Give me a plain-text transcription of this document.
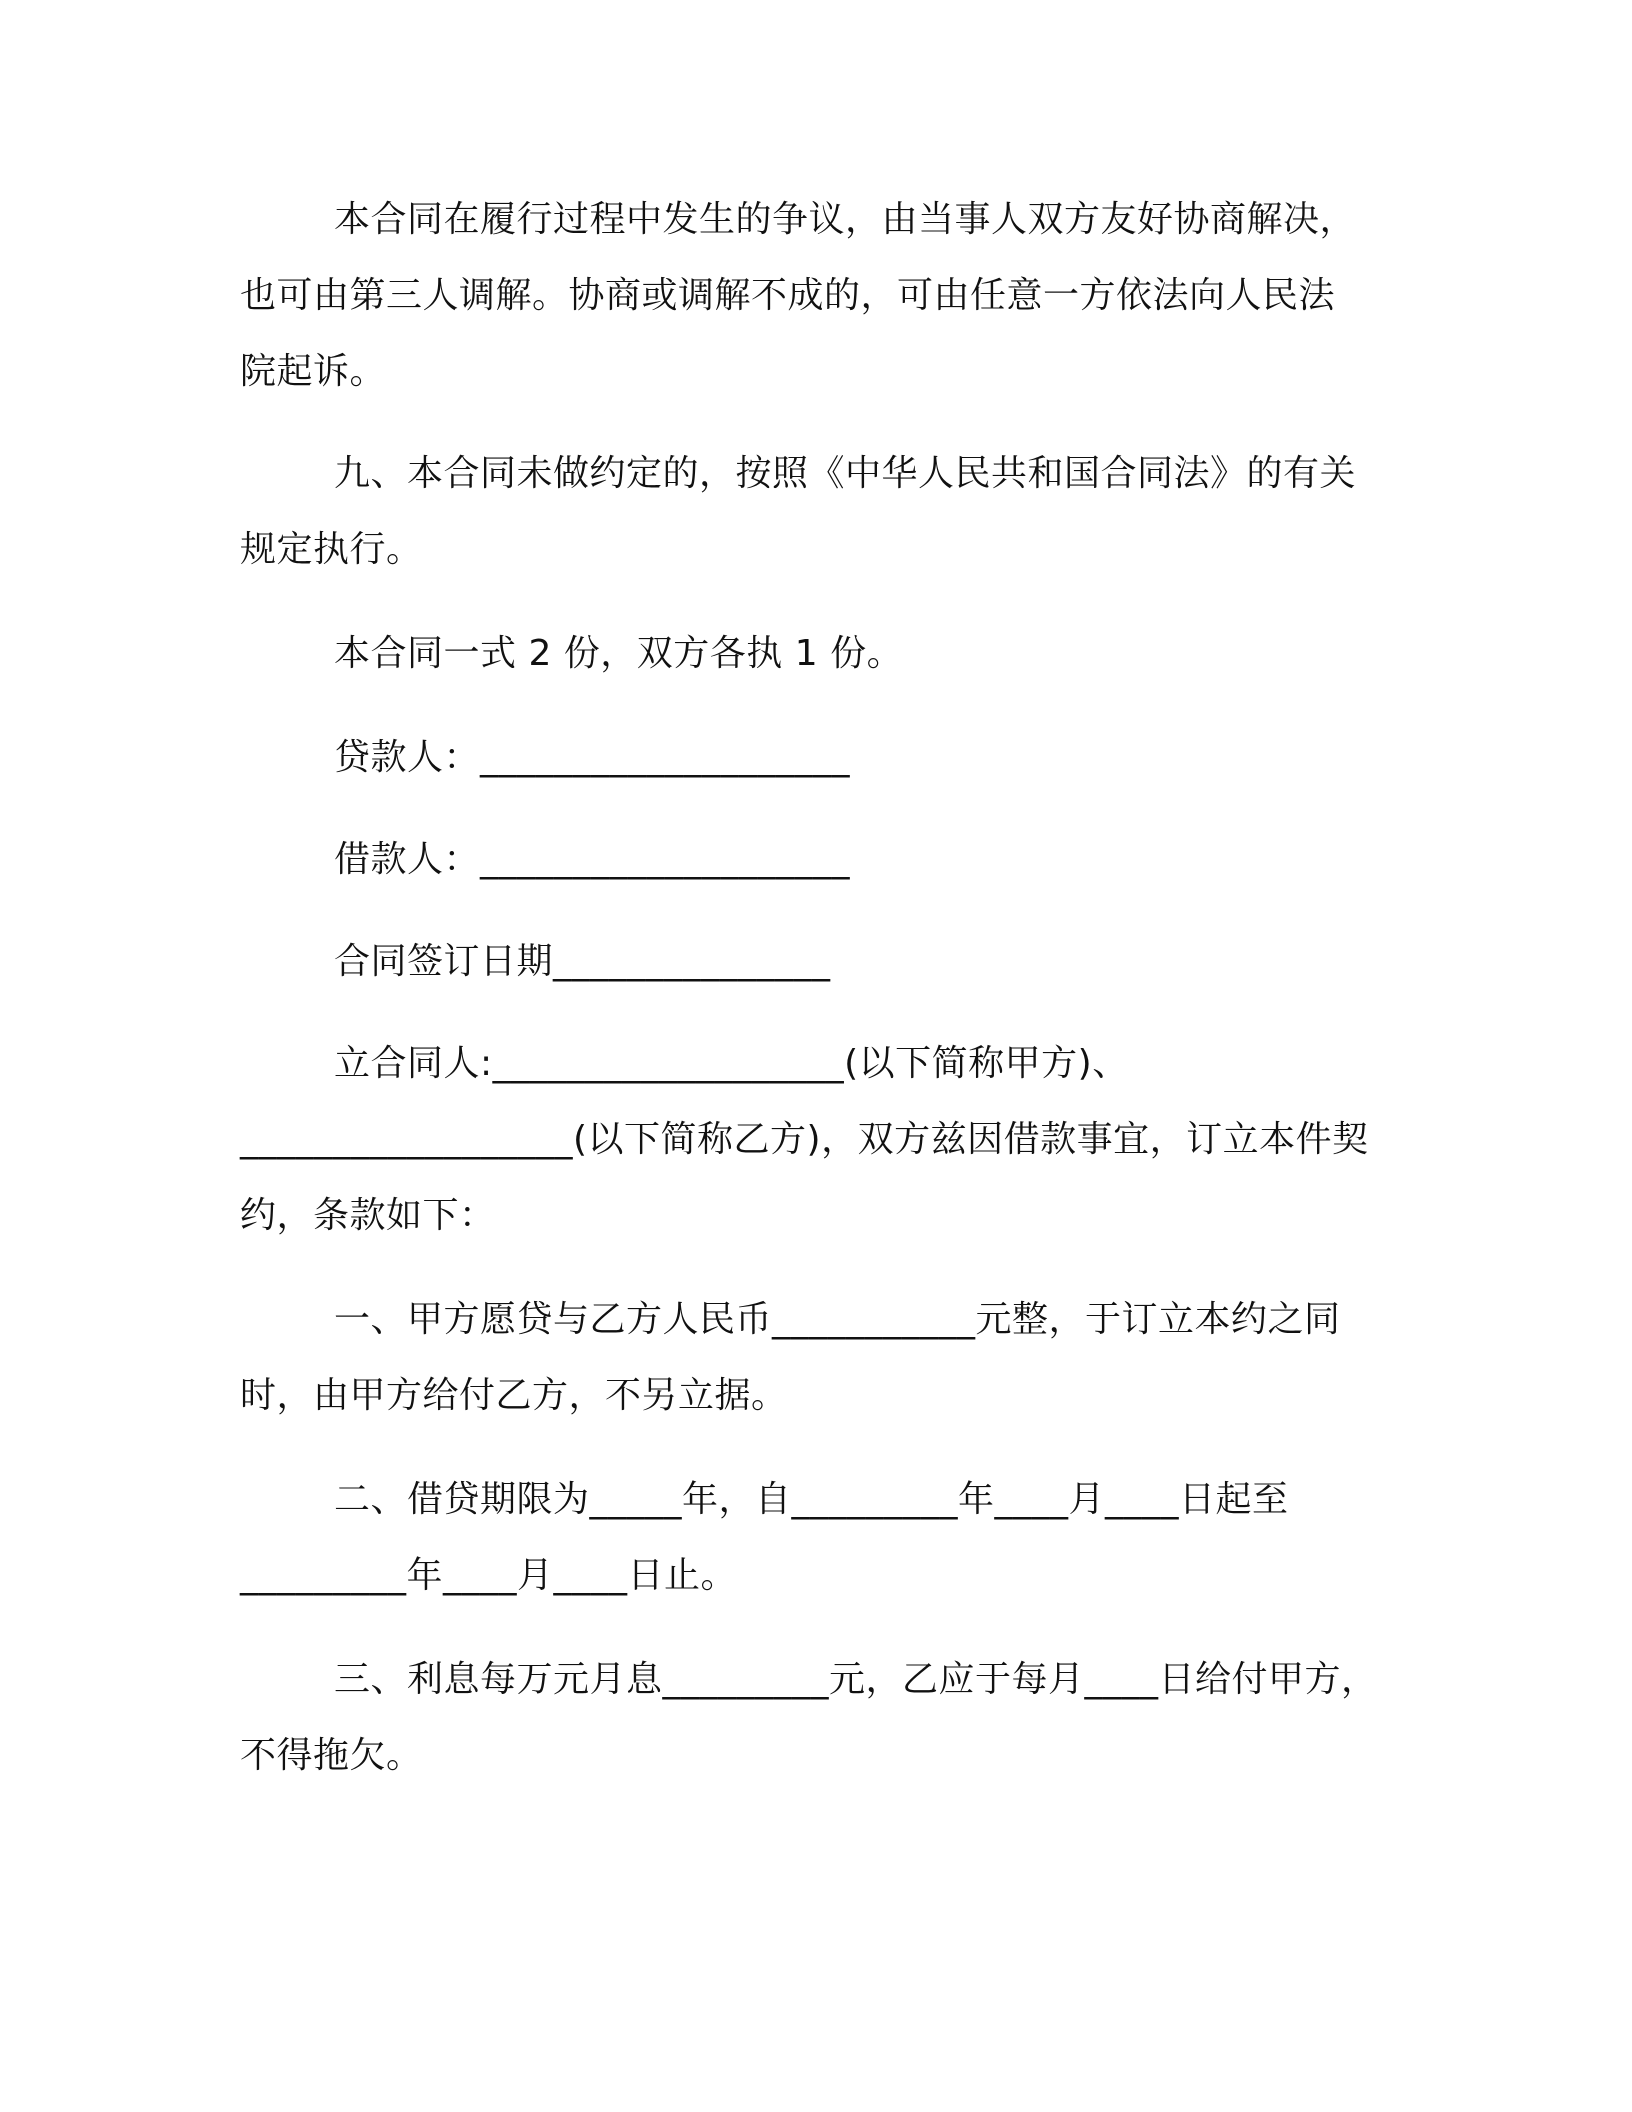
本合同在履行过程中发生的争议，由当事人双方友好协商解决，
也可由第三人调解。协商或调解不成的，可由任意一方依法向人民法
院起诉。
九、本合同未做约定的，按照《中华人民共和国合同法》的有关
规定执行。
本合同一式 2 份，双方各执 1 份。
贷款人：____________________
借款人：____________________
合同签订日期_______________
立合同人:___________________(以下简称甲方)、
__________________(以下简称乙方)，双方兹因借款事宜，订立本件契
约，条款如下：
一、甲方愿贷与乙方人民币___________元整，于订立本约之同
时，由甲方给付乙方，不另立据。
二、借贷期限为_____年，自_________年____月____日起至
_________年____月____日止。
三、利息每万元月息_________元，乙应于每月____日给付甲方，
不得拖欠。
